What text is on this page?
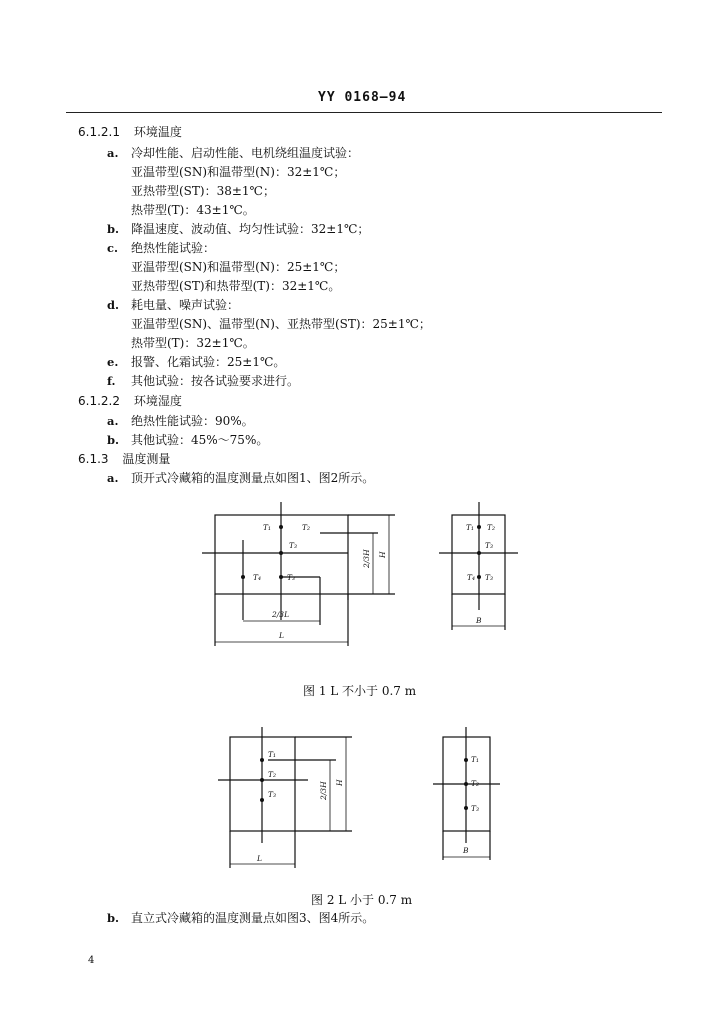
YY 0168—94
6.1.2.1 环境温度
a. 冷却性能、启动性能、电机绕组温度试验：
亚温带型(SN)和温带型(N)：32±1℃；
亚热带型(ST)：38±1℃；
热带型(T)：43±1℃。
b. 降温速度、波动值、均匀性试验：32±1℃；
c. 绝热性能试验：
亚温带型(SN)和温带型(N)：25±1℃；
亚热带型(ST)和热带型(T)：32±1℃。
d. 耗电量、噪声试验：
亚温带型(SN)、温带型(N)、亚热带型(ST)：25±1℃；
热带型(T)：32±1℃。
e. 报警、化霜试验：25±1℃。
f. 其他试验：按各试验要求进行。
6.1.2.2 环境湿度
a. 绝热性能试验：90%。
b. 其他试验：45%～75%。
6.1.3 温度测量
a. 顶开式冷藏箱的温度测量点如图1、图2所示。
T₁	T₂
T₃
T₄	T₃
T₁ T₂
T₃
T₄ T₃
2/3L
L
B
2/3H H
图 1 L 不小于 0.7 m
T₁
T₂
T₃
T₁
T₂
T₃
L
B
2/3H H
图 2 L 小于 0.7 m
b. 直立式冷藏箱的温度测量点如图3、图4所示。
4
